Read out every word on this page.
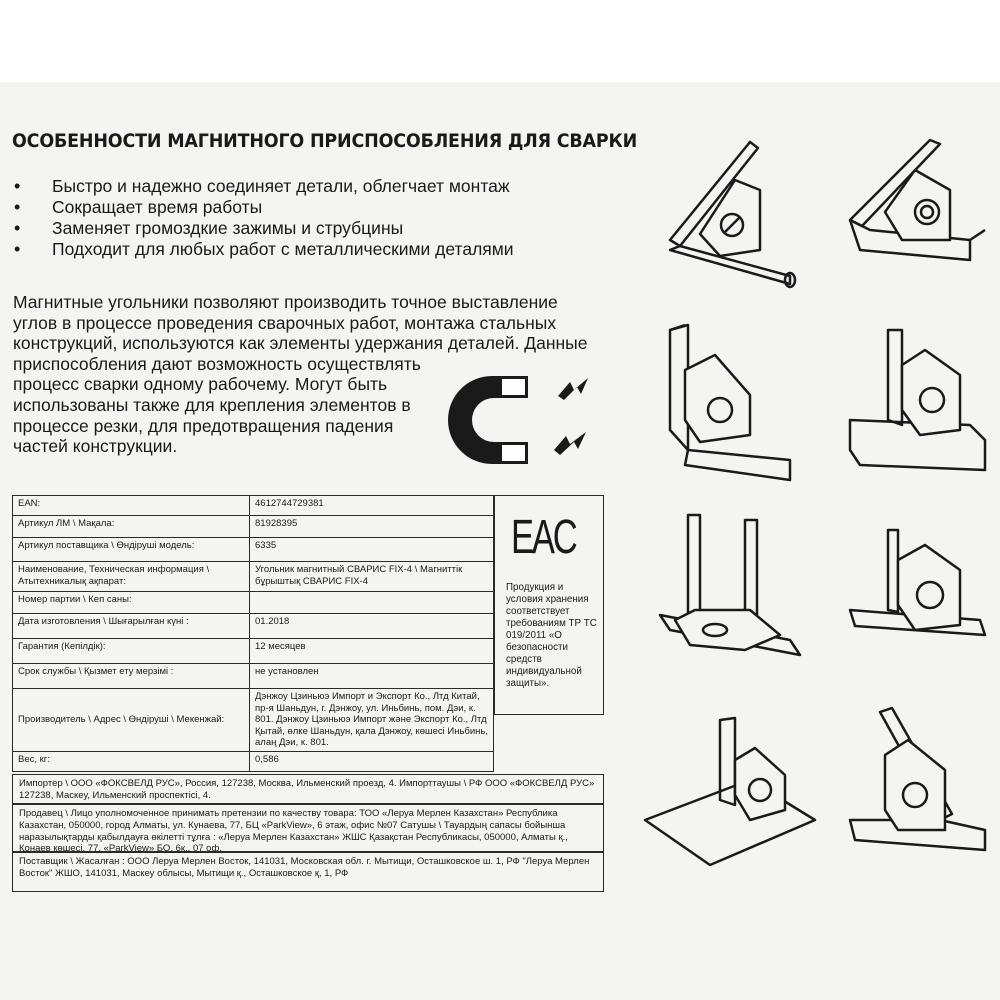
ОСОБЕННОСТИ МАГНИТНОГО ПРИСПОСОБЛЕНИЯ ДЛЯ СВАРКИ
• Быстро и надежно соединяет детали, облегчает монтаж
• Сокращает время работы
• Заменяет громоздкие зажимы и струбцины
• Подходит для любых работ с металлическими деталями
Магнитные угольники позволяют производить точное выставление
углов в процессе проведения сварочных работ, монтажа стальных
конструкций, используются как элементы удержания деталей. Данные
приспособления дают возможность осуществлять
процесс сварки одному рабочему. Могут быть
использованы также для крепления элементов в
процессе резки, для предотвращения падения
частей конструкции.
EAN:	4612744729381
Артикул ЛМ \ Мақала:	81928395
Артикул поставщика \ Өндіруші модель:	6335
Наименование, Техническая информация \ Атытехникалық ақпарат:	Угольник магнитный СВАРИС FIX-4 \ Магниттік бұрыштық СВАРИС FIX-4
Номер партии \ Кеп саны:	
Дата изготовления \ Шығарылған күні :	01.2018
Гарантия (Кепілдік):	12 месяцев
Срок службы \ Қызмет ету мерзімі :	не установлен
Производитель \ Адрес \ Өндіруші \ Мекенжай:	Дэнжоу Цзиньюэ Импорт и Экспорт Ко., Лтд Китай, пр-я Шаньдун, г. Дэнжоу, ул. Иньбинь, пом. Дэи, к. 801. Дэнжоу Цзиньюэ Импорт және Экспорт Ко., Лтд Қытай, өлке Шаньдун, қала Дэнжоу, көшесі Иньбинь, алаң Дэи, к. 801.
Вес, кг:	0,586
EAC
Продукция и условия хранения соответствует требованиям ТР ТС 019/2011 «О безопасности средств индивидуальной защиты».
Импортер \ ООО «ФОКСВЕЛД РУС», Россия, 127238, Москва, Ильменский проезд, 4. Импорттаушы \ РФ ООО «ФОКСВЕЛД РУС» 127238, Маскеу, Ильменский проспектісі, 4.
Продавец \ Лицо уполномоченное принимать претензии по качеству товара: ТОО «Леруа Мерлен Казахстан» Республика Казахстан, 050000, город Алматы, ул. Кунаева, 77, БЦ «ParkView», 6 этаж, офис №07 Сатушы \ Тауардың сапасы бойынша наразылықтарды қабылдауға өкілетті тұлға : «Леруа Мерлен Казахстан» ЖШС Қазақстан Республикасы, 050000, Алматы қ., Қонаев көшесі, 77, «ParkView» БО, 6қ., 07 оф.
Поставщик \ Жасалған : ООО Леруа Мерлен Восток, 141031, Московская обл. г. Мытищи, Осташковское ш. 1, РФ "Леруа Мерлен Восток" ЖШО, 141031, Маскеу облысы, Мытищи қ., Осташковское қ, 1, РФ
